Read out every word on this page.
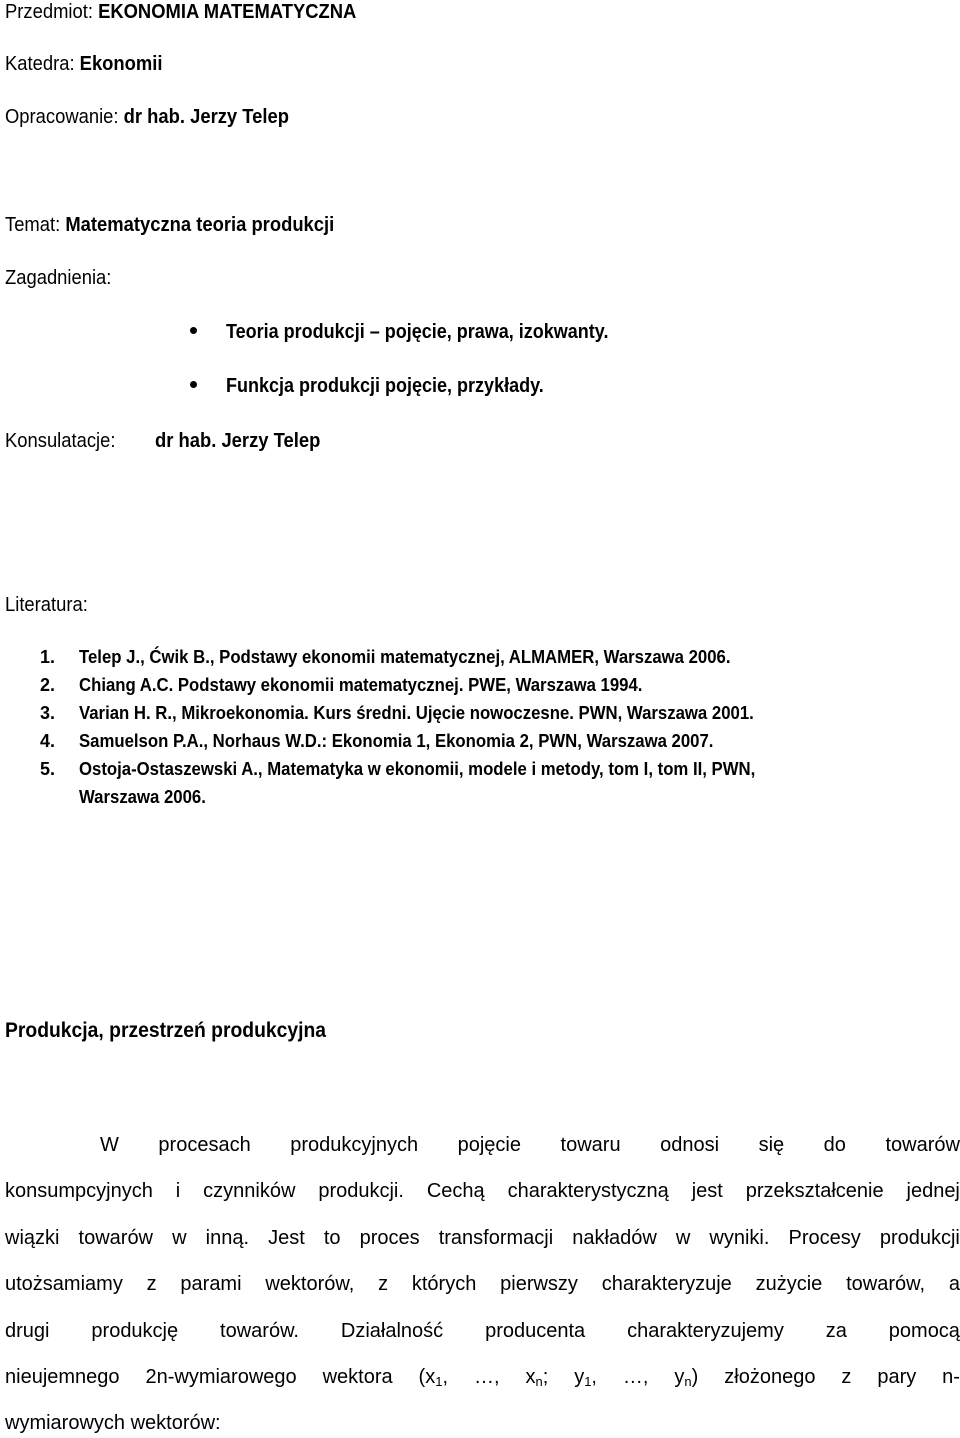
Przedmiot: EKONOMIA MATEMATYCZNA
Katedra: Ekonomii
Opracowanie: dr hab. Jerzy Telep
Temat: Matematyczna teoria produkcji
Zagadnienia:
Teoria produkcji – pojęcie, prawa, izokwanty.
Funkcja produkcji pojęcie, przykłady.
Konsulatacje: dr hab. Jerzy Telep
Literatura:
1. Telep J., Ćwik B., Podstawy ekonomii matematycznej, ALMAMER, Warszawa 2006.
2. Chiang A.C. Podstawy ekonomii matematycznej. PWE, Warszawa 1994.
3. Varian H. R., Mikroekonomia. Kurs średni. Ujęcie nowoczesne. PWN, Warszawa 2001.
4. Samuelson P.A., Norhaus W.D.: Ekonomia 1, Ekonomia 2, PWN, Warszawa 2007.
5. Ostoja-Ostaszewski A., Matematyka w ekonomii, modele i metody, tom I, tom II, PWN,
Warszawa 2006.
Produkcja, przestrzeń produkcyjna
W procesach produkcyjnych pojęcie towaru odnosi się do towarów
konsumpcyjnych i czynników produkcji. Cechą charakterystyczną jest przekształcenie jednej
wiązki towarów w inną. Jest to proces transformacji nakładów w wyniki. Procesy produkcji
utożsamiamy z parami wektorów, z których pierwszy charakteryzuje zużycie towarów, a
drugi produkcję towarów. Działalność producenta charakteryzujemy za pomocą
nieujemnego 2n-wymiarowego wektora ($x_1$, …, $x_n$; $y_1$, …, $y_n$) złożonego z pary n-
wymiarowych wektorów:
